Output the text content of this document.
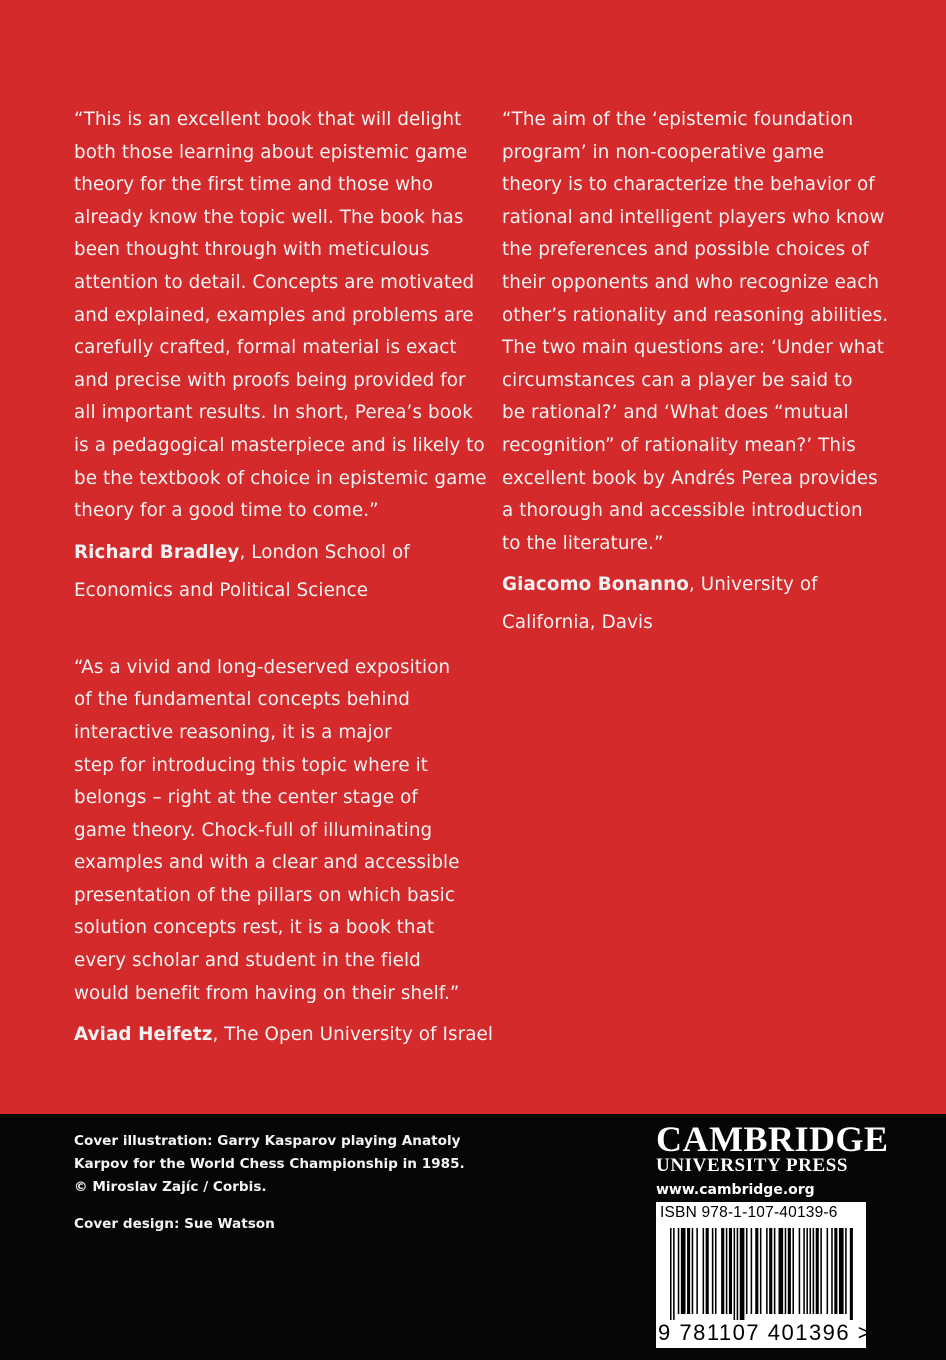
“This is an excellent book that will delight
both those learning about epistemic game
theory for the first time and those who
already know the topic well. The book has
been thought through with meticulous
attention to detail. Concepts are motivated
and explained, examples and problems are
carefully crafted, formal material is exact
and precise with proofs being provided for
all important results. In short, Perea’s book
is a pedagogical masterpiece and is likely to
be the textbook of choice in epistemic game
theory for a good time to come.”
Richard Bradley, London School of
Economics and Political Science
“As a vivid and long-deserved exposition
of the fundamental concepts behind
interactive reasoning, it is a major
step for introducing this topic where it
belongs – right at the center stage of
game theory. Chock-full of illuminating
examples and with a clear and accessible
presentation of the pillars on which basic
solution concepts rest, it is a book that
every scholar and student in the field
would benefit from having on their shelf.”
Aviad Heifetz, The Open University of Israel
“The aim of the ‘epistemic foundation
program’ in non-cooperative game
theory is to characterize the behavior of
rational and intelligent players who know
the preferences and possible choices of
their opponents and who recognize each
other’s rationality and reasoning abilities.
The two main questions are: ‘Under what
circumstances can a player be said to
be rational?’ and ‘What does “mutual
recognition” of rationality mean?’ This
excellent book by Andrés Perea provides
a thorough and accessible introduction
to the literature.”
Giacomo Bonanno, University of
California, Davis
Cover illustration: Garry Kasparov playing Anatoly
Karpov for the World Chess Championship in 1985.
© Miroslav Zajíc / Corbis.
Cover design: Sue Watson
CAMBRIDGE
UNIVERSITY PRESS
www.cambridge.org
ISBN 978-1-107-40139-6
9 781107 401396 >
